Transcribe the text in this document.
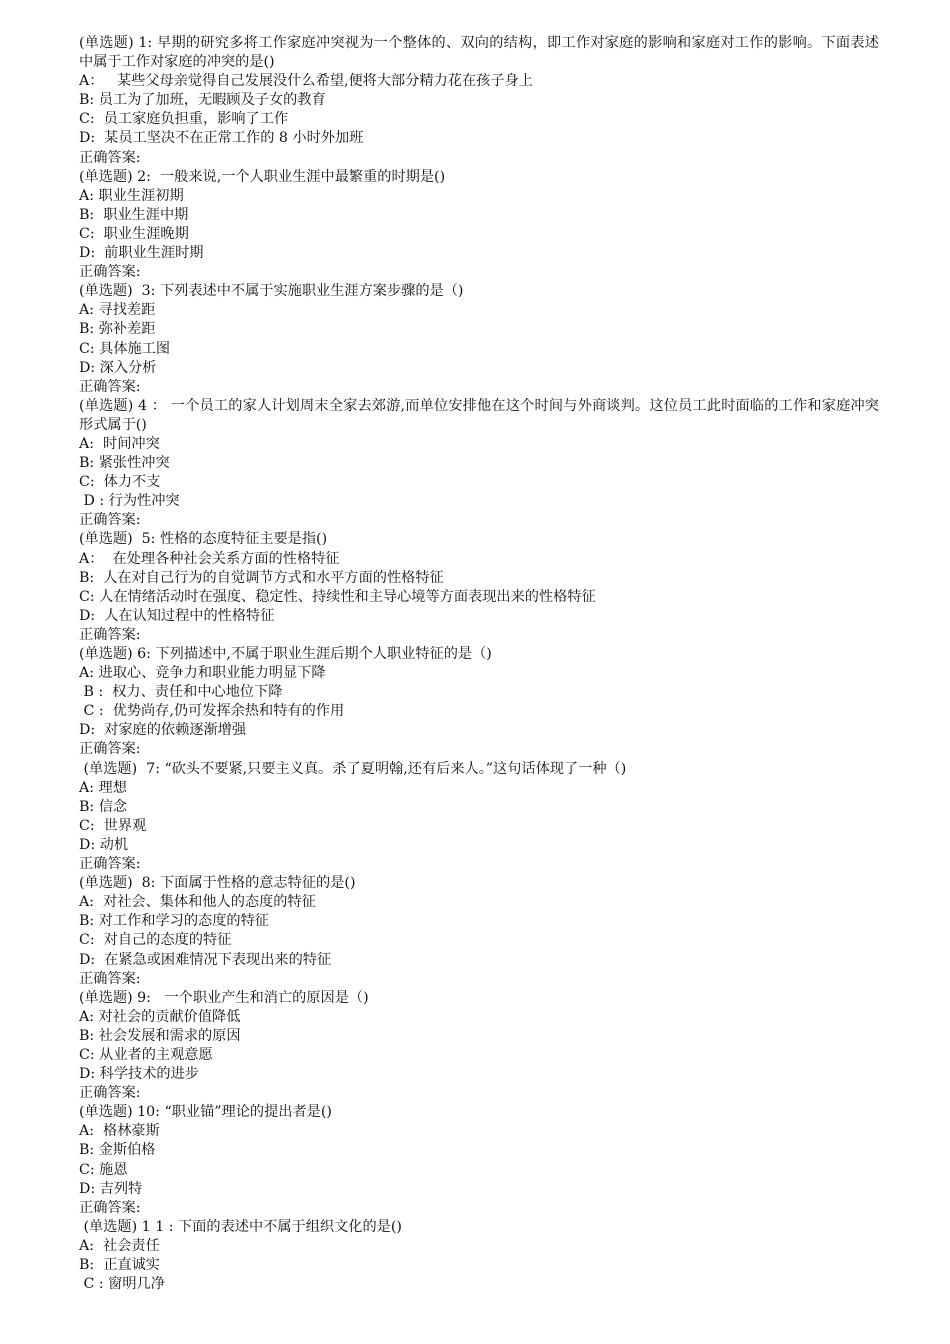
(单选题) 1: 早期的研究多将工作家庭冲突视为一个整体的、双向的结构，即工作对家庭的影响和家庭对工作的影响。下面表述中属于工作对家庭的冲突的是()
A：   某些父母亲觉得自己发展没什么希望,便将大部分精力花在孩子身上
B: 员工为了加班，无暇顾及子女的教育
C:  员工家庭负担重，影响了工作
D:  某员工坚决不在正常工作的 8 小时外加班
正确答案:
(单选题) 2:  一般来说,一个人职业生涯中最繁重的时期是()
A: 职业生涯初期
B:  职业生涯中期
C:  职业生涯晚期
D:  前职业生涯时期
正确答案:
(单选题)  3: 下列表述中不属于实施职业生涯方案步骤的是（)
A: 寻找差距
B: 弥补差距
C: 具体施工图
D: 深入分析
正确答案:
(单选题) 4 ： 一个员工的家人计划周末全家去郊游,而单位安排他在这个时间与外商谈判。这位员工此时面临的工作和家庭冲突形式属于()
A:  时间冲突
B: 紧张性冲突
C:  体力不支
D : 行为性冲突
正确答案:
(单选题)  5: 性格的态度特征主要是指()
A：  在处理各种社会关系方面的性格特征
B:  人在对自己行为的自觉调节方式和水平方面的性格特征
C: 人在情绪活动时在强度、稳定性、持续性和主导心境等方面表现出来的性格特征
D:  人在认知过程中的性格特征
正确答案:
(单选题) 6: 下列描述中,不属于职业生涯后期个人职业特征的是（)
A: 进取心、竞争力和职业能力明显下降
B :  权力、责任和中心地位下降
C :  优势尚存,仍可发挥余热和特有的作用
D:  对家庭的依赖逐渐增强
正确答案:
(单选题)  7: “砍头不要紧,只要主义真。杀了夏明翰,还有后来人。”这句话体现了一种（)
A: 理想
B: 信念
C:  世界观
D: 动机
正确答案:
(单选题)  8: 下面属于性格的意志特征的是()
A:  对社会、集体和他人的态度的特征
B: 对工作和学习的态度的特征
C:  对自己的态度的特征
D:  在紧急或困难情况下表现出来的特征
正确答案:
(单选题) 9:   一个职业产生和消亡的原因是（)
A: 对社会的贡献价值降低
B: 社会发展和需求的原因
C: 从业者的主观意愿
D: 科学技术的进步
正确答案:
(单选题) 10: “职业锚”理论的提出者是()
A:  格林豪斯
B: 金斯伯格
C: 施恩
D: 吉列特
正确答案:
(单选题) 1 1 : 下面的表述中不属于组织文化的是()
A:  社会责任
B:  正直诚实
C : 窗明几净
